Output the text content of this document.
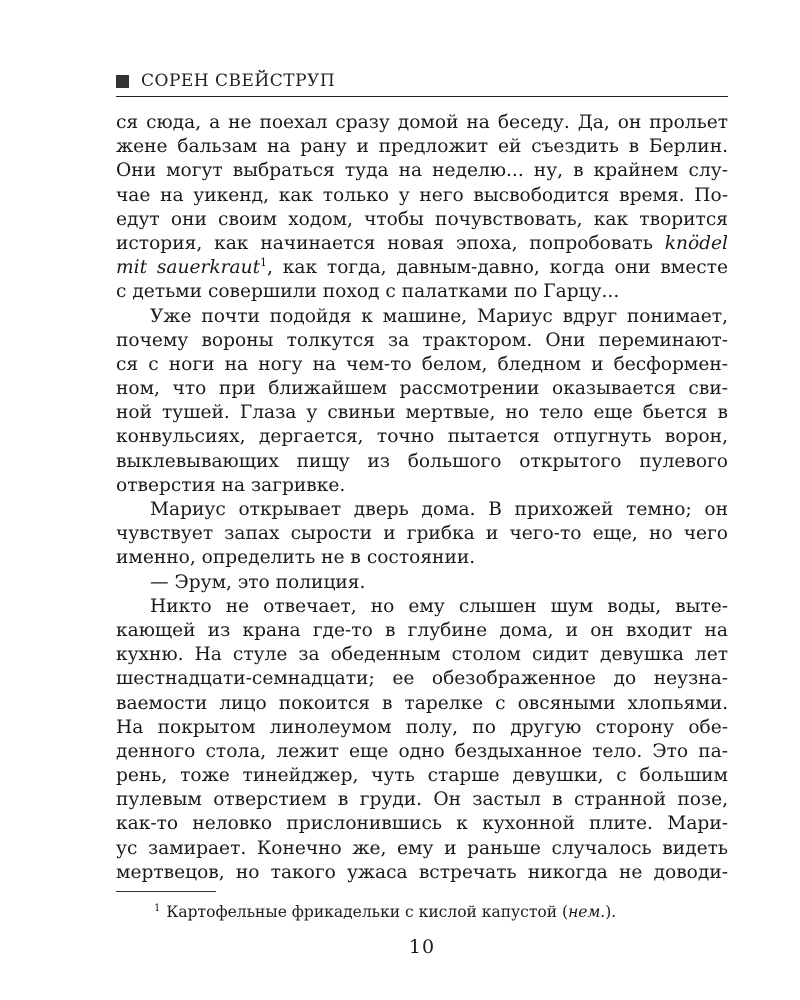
СОРЕН СВЕЙСТРУП
ся сюда, а не поехал сразу домой на беседу. Да, он прольет
жене бальзам на рану и предложит ей съездить в Берлин.
Они могут выбраться туда на неделю... ну, в крайнем слу-
чае на уикенд, как только у него высвободится время. По-
едут они своим ходом, чтобы почувствовать, как творится
история, как начинается новая эпоха, попробовать knödel
mit sauerkraut$^1$, как тогда, давным-давно, когда они вместе
с детьми совершили поход с палатками по Гарцу...
Уже почти подойдя к машине, Мариус вдруг понимает,
почему вороны толкутся за трактором. Они переминают-
ся с ноги на ногу на чем-то белом, бледном и бесформен-
ном, что при ближайшем рассмотрении оказывается сви-
ной тушей. Глаза у свиньи мертвые, но тело еще бьется в
конвульсиях, дергается, точно пытается отпугнуть ворон,
выклевывающих пищу из большого открытого пулевого
отверстия на загривке.
Мариус открывает дверь дома. В прихожей темно; он
чувствует запах сырости и грибка и чего-то еще, но чего
именно, определить не в состоянии.
— Эрум, это полиция.
Никто не отвечает, но ему слышен шум воды, выте-
кающей из крана где-то в глубине дома, и он входит на
кухню. На стуле за обеденным столом сидит девушка лет
шестнадцати-семнадцати; ее обезображенное до неузна-
ваемости лицо покоится в тарелке с овсяными хлопьями.
На покрытом линолеумом полу, по другую сторону обе-
денного стола, лежит еще одно бездыханное тело. Это па-
рень, тоже тинейджер, чуть старше девушки, с большим
пулевым отверстием в груди. Он застыл в странной позе,
как-то неловко прислонившись к кухонной плите. Мари-
ус замирает. Конечно же, ему и раньше случалось видеть
мертвецов, но такого ужаса встречать никогда не доводи-
$^1$ Картофельные фрикадельки с кислой капустой (нем.).
10
